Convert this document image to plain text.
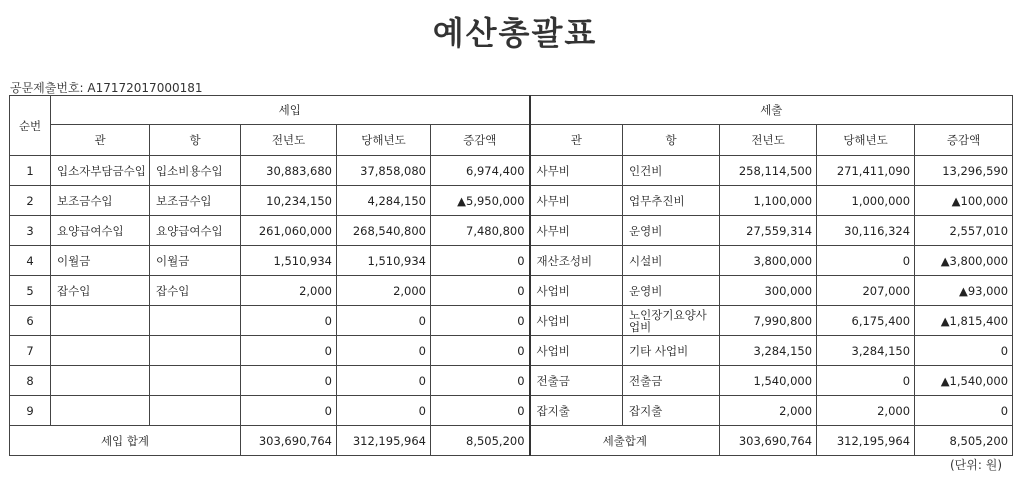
예산총괄표
공문제출번호: A17172017000181
순번	세입					세출				
	관	항	전년도	당해년도	증감액	관	항	전년도	당해년도	증감액
1	입소자부담금수입	입소비용수입	30,883,680	37,858,080	6,974,400	사무비	인건비	258,114,500	271,411,090	13,296,590
2	보조금수입	보조금수입	10,234,150	4,284,150	▲5,950,000	사무비	업무추진비	1,100,000	1,000,000	▲100,000
3	요양급여수입	요양급여수입	261,060,000	268,540,800	7,480,800	사무비	운영비	27,559,314	30,116,324	2,557,010
4	이월금	이월금	1,510,934	1,510,934	0	재산조성비	시설비	3,800,000	0	▲3,800,000
5	잡수입	잡수입	2,000	2,000	0	사업비	운영비	300,000	207,000	▲93,000
6			0	0	0	사업비	노인장기요양사업비	7,990,800	6,175,400	▲1,815,400
7			0	0	0	사업비	기타 사업비	3,284,150	3,284,150	0
8			0	0	0	전출금	전출금	1,540,000	0	▲1,540,000
9			0	0	0	잡지출	잡지출	2,000	2,000	0
세입 합계			303,690,764	312,195,964	8,505,200	세출합계		303,690,764	312,195,964	8,505,200
(단위: 원)
